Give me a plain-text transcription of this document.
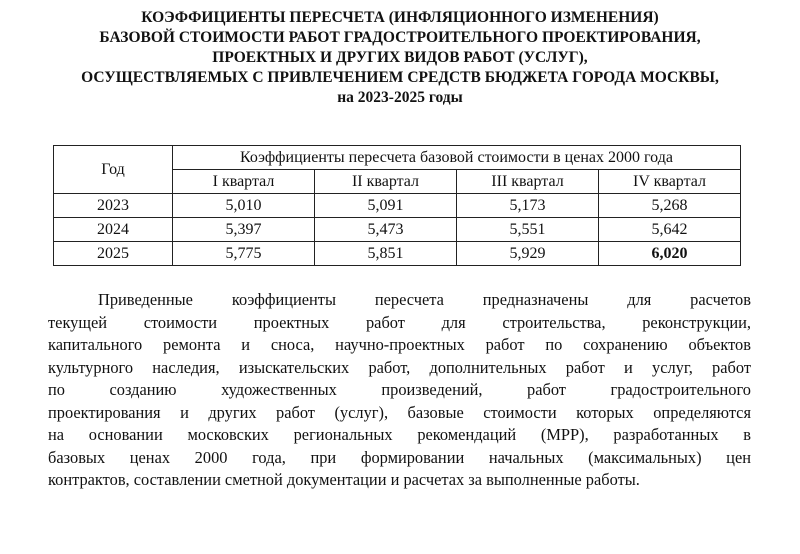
КОЭФФИЦИЕНТЫ ПЕРЕСЧЕТА (ИНФЛЯЦИОННОГО ИЗМЕНЕНИЯ)
БАЗОВОЙ СТОИМОСТИ РАБОТ ГРАДОСТРОИТЕЛЬНОГО ПРОЕКТИРОВАНИЯ,
ПРОЕКТНЫХ И ДРУГИХ ВИДОВ РАБОТ (УСЛУГ),
ОСУЩЕСТВЛЯЕМЫХ С ПРИВЛЕЧЕНИЕМ СРЕДСТВ БЮДЖЕТА ГОРОДА МОСКВЫ,
на 2023-2025 годы
Год	Коэффициенты пересчета базовой стоимости в ценах 2000 года			
	I квартал	II квартал	III квартал	IV квартал
2023	5,010	5,091	5,173	5,268
2024	5,397	5,473	5,551	5,642
2025	5,775	5,851	5,929	6,020
Приведенные коэффициенты пересчета предназначены для расчетов
текущей стоимости проектных работ для строительства, реконструкции,
капитального ремонта и сноса, научно-проектных работ по сохранению объектов
культурного наследия, изыскательских работ, дополнительных работ и услуг, работ
по созданию художественных произведений, работ градостроительного
проектирования и других работ (услуг), базовые стоимости которых определяются
на основании московских региональных рекомендаций (МРР), разработанных в
базовых ценах 2000 года, при формировании начальных (максимальных) цен
контрактов, составлении сметной документации и расчетах за выполненные работы.
